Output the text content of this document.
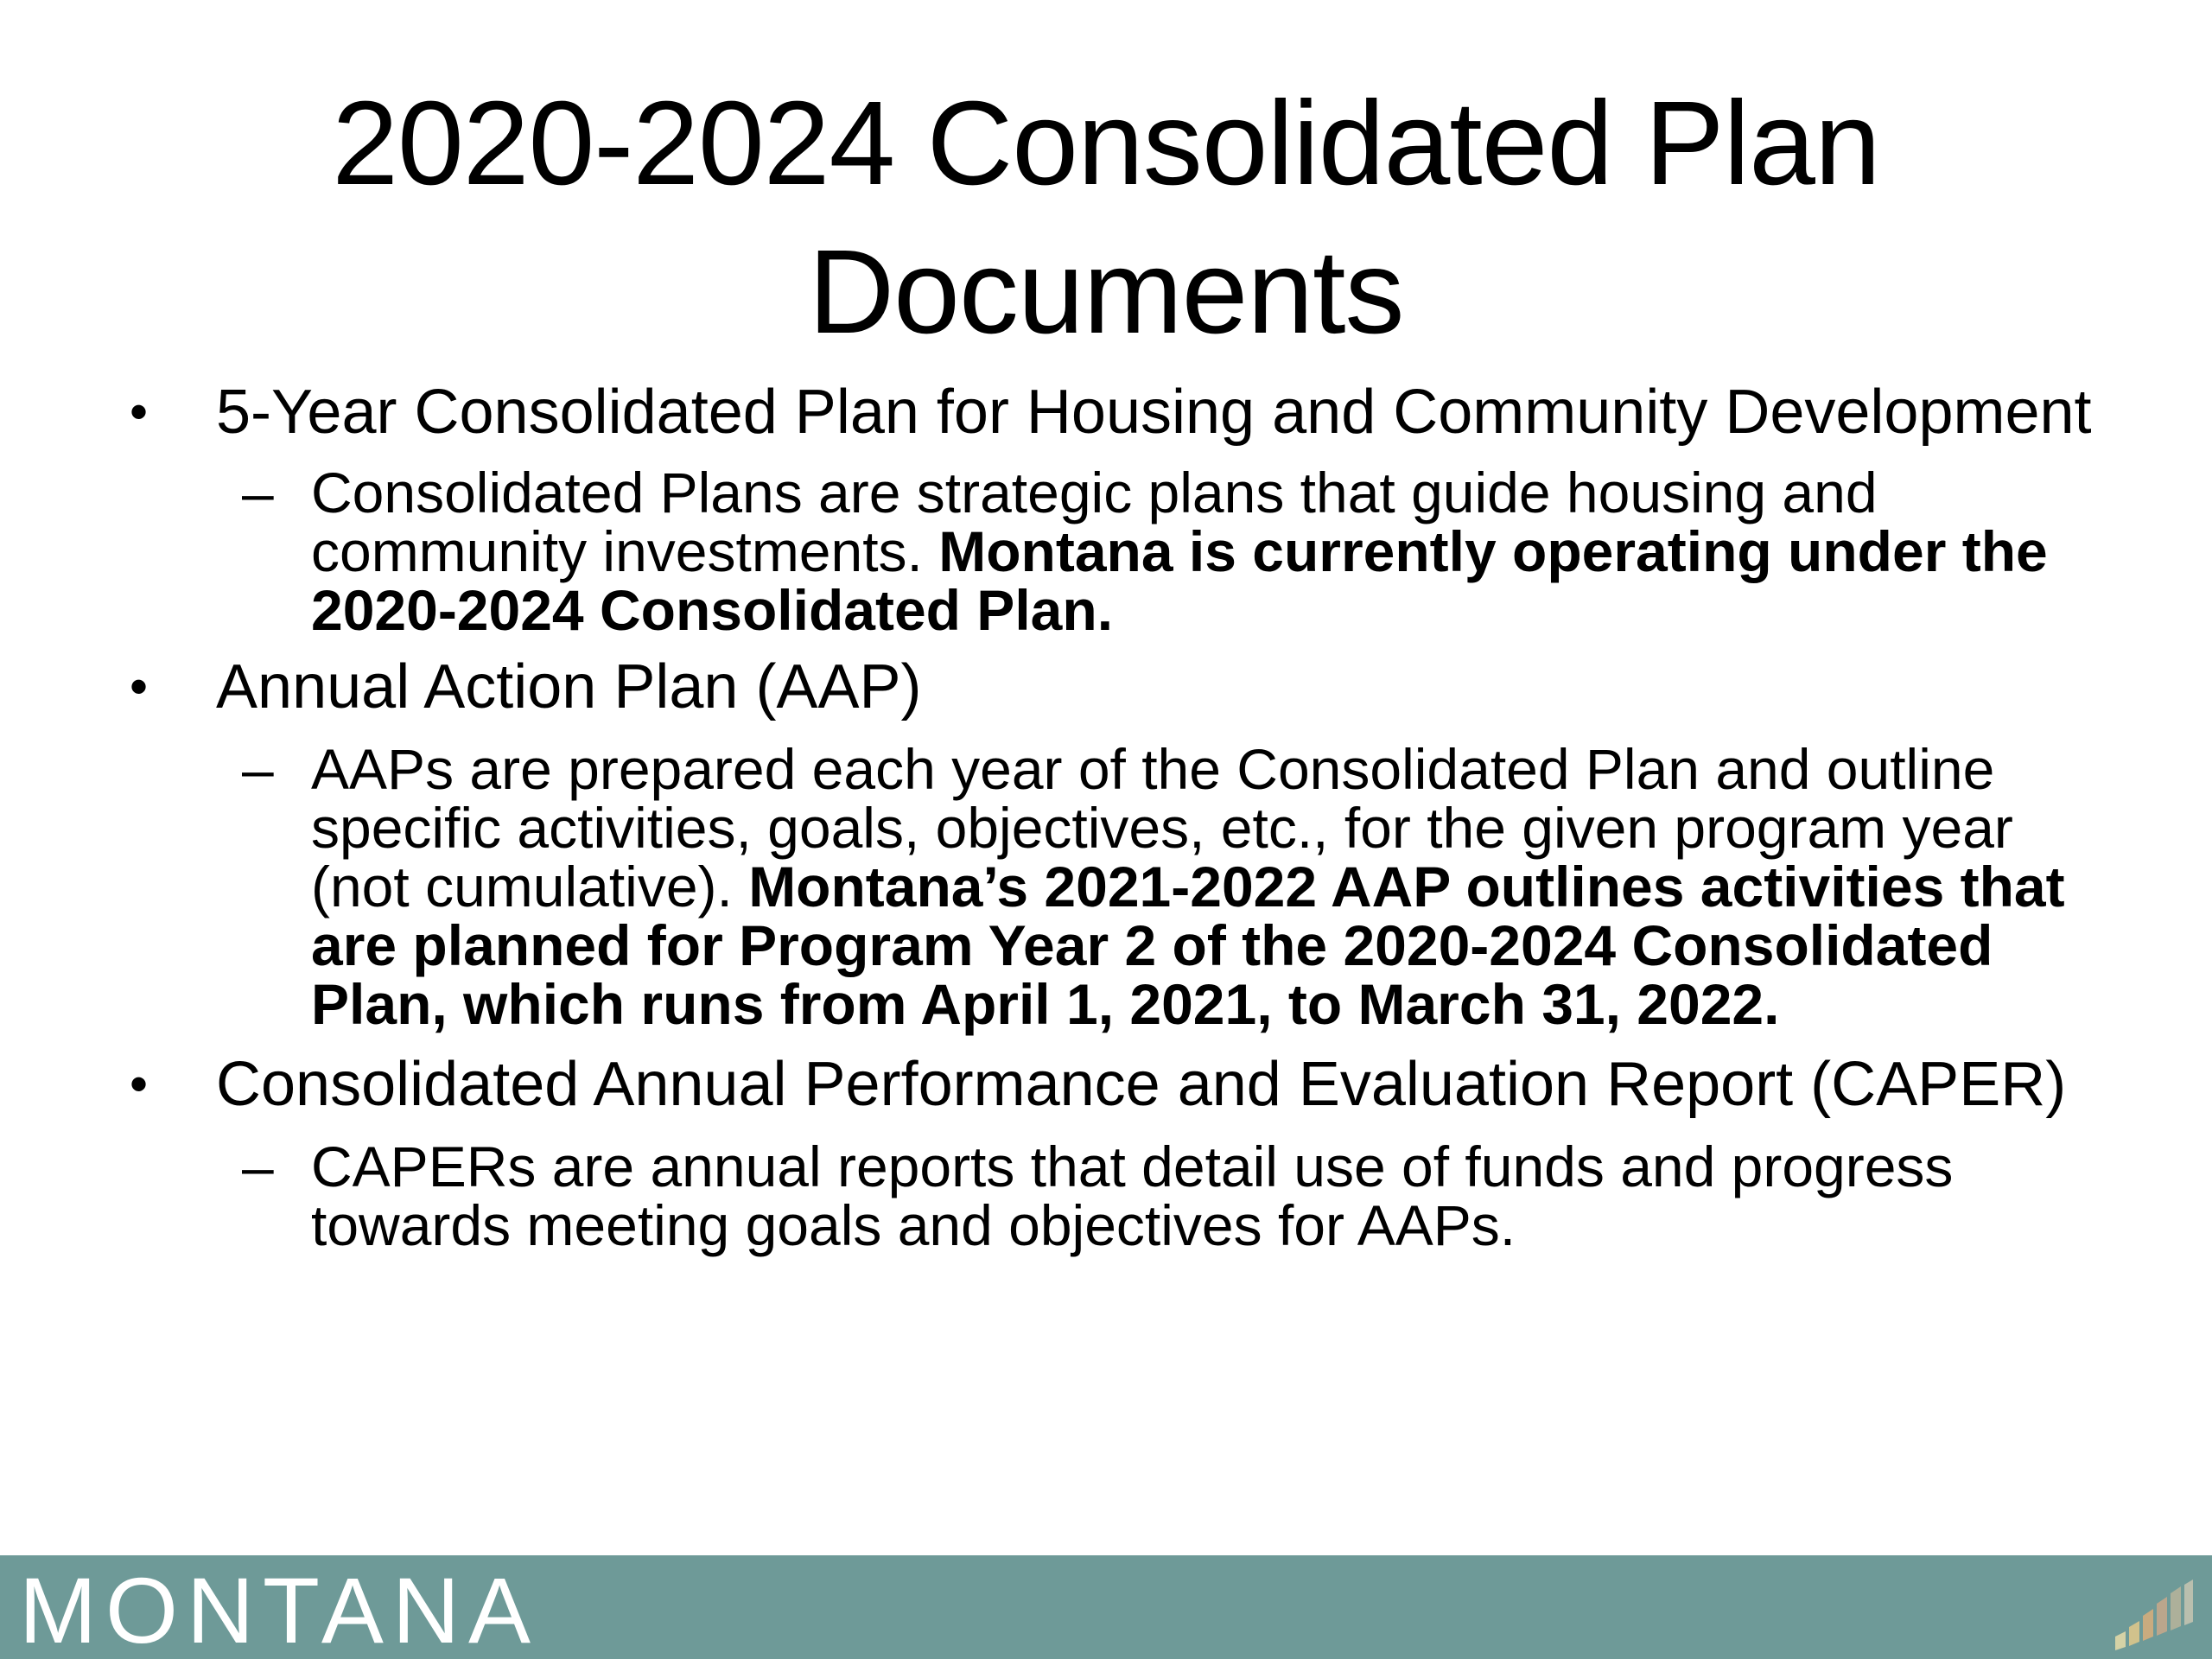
2020-2024 Consolidated Plan
Documents

• 5-Year Consolidated Plan for Housing and Community Development

– Consolidated Plans are strategic plans that guide housing and community investments. Montana is currently operating under the 2020-2024 Consolidated Plan.

• Annual Action Plan (AAP)

– AAPs are prepared each year of the Consolidated Plan and outline specific activities, goals, objectives, etc., for the given program year (not cumulative). Montana’s 2021-2022 AAP outlines activities that are planned for Program Year 2 of the 2020-2024 Consolidated Plan, which runs from April 1, 2021, to March 31, 2022.

• Consolidated Annual Performance and Evaluation Report (CAPER)

– CAPERs are annual reports that detail use of funds and progress towards meeting goals and objectives for AAPs.

MONTANA
